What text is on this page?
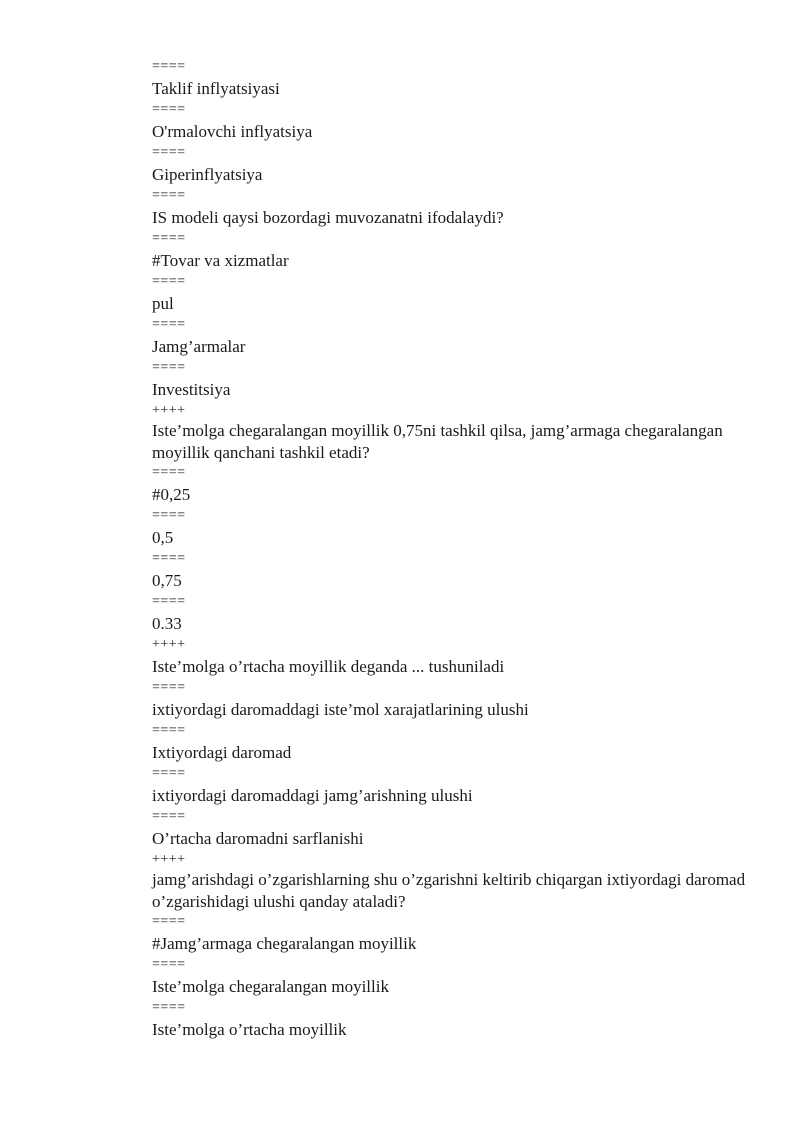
====
Taklif inflyatsiyasi
====
O'rmalovchi inflyatsiya
====
Giperinflyatsiya
====
IS modeli qaysi bozordagi muvozanatni ifodalaydi?
====
#Tovar va xizmatlar
====
pul
====
Jamg’armalar
====
Investitsiya
++++
Iste’molga chegaralangan moyillik 0,75ni tashkil qilsa, jamg’armaga chegaralangan moyillik qanchani tashkil etadi?
====
#0,25
====
0,5
====
0,75
====
0.33
++++
Iste’molga o’rtacha moyillik deganda ... tushuniladi
====
ixtiyordagi daromaddagi iste’mol xarajatlarining ulushi
====
Ixtiyordagi daromad
====
ixtiyordagi daromaddagi jamg’arishning ulushi
====
O’rtacha daromadni sarflanishi
++++
jamg’arishdagi o’zgarishlarning shu o’zgarishni keltirib chiqargan ixtiyordagi daromad o’zgarishidagi ulushi qanday ataladi?
====
#Jamg’armaga chegaralangan moyillik
====
Iste’molga chegaralangan moyillik
====
Iste’molga o’rtacha moyillik
